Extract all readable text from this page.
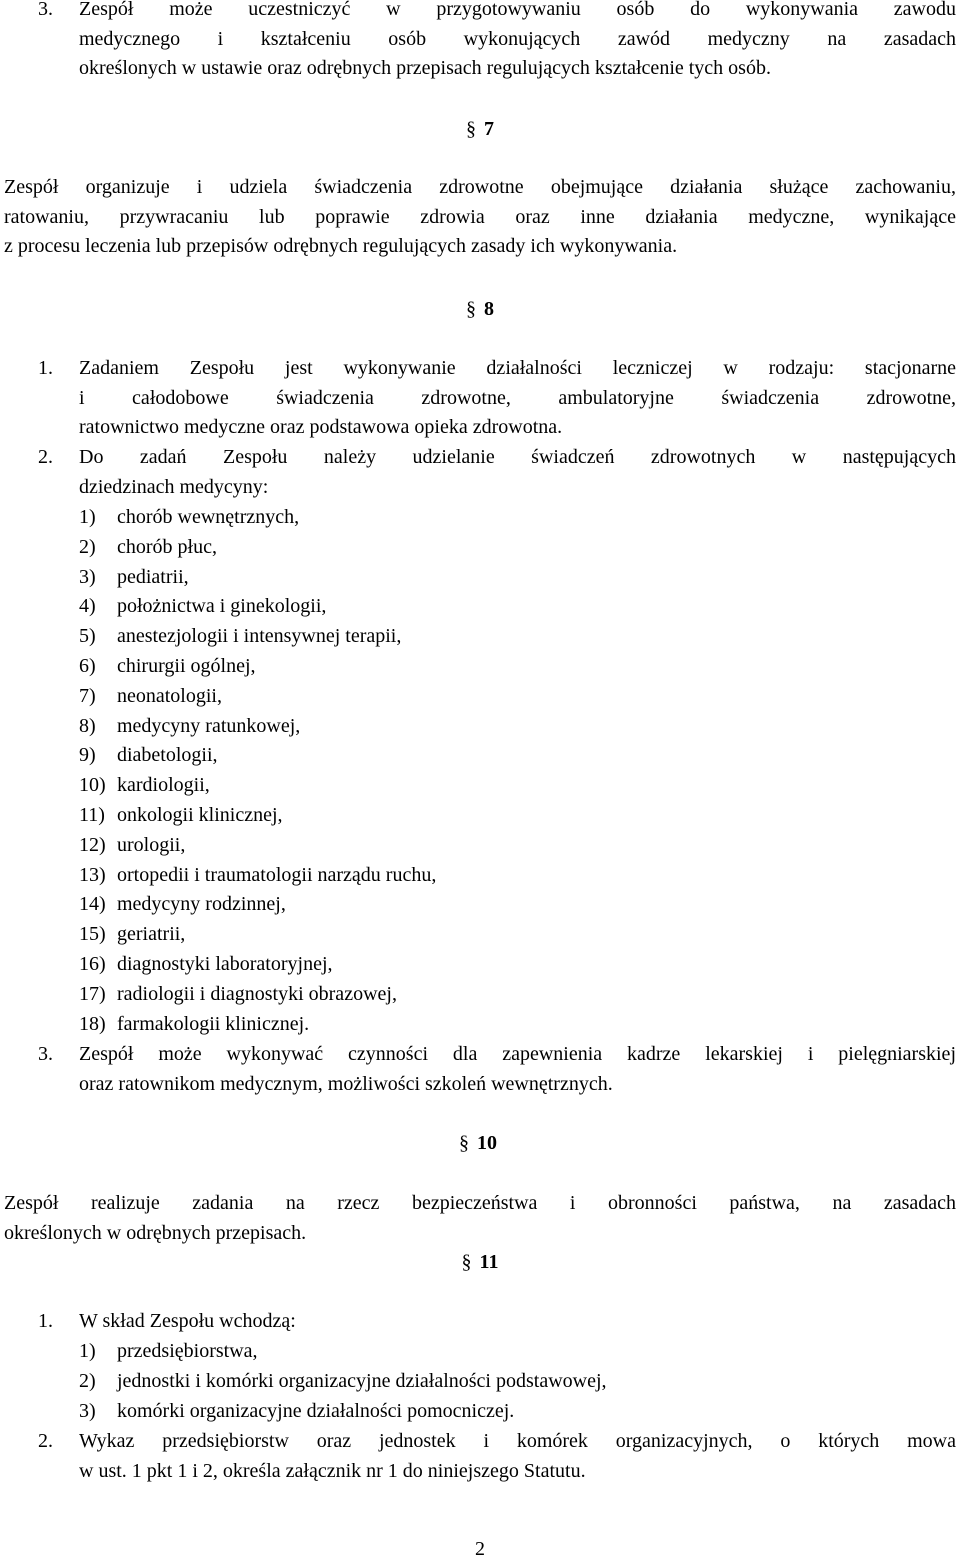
3.	Zespół może uczestniczyć w przygotowywaniu osób do wykonywania zawodu
medycznego i kształceniu osób wykonujących zawód medyczny na zasadach
określonych w ustawie oraz odrębnych przepisach regulujących kształcenie tych osób.
§ 7
Zespół organizuje i udziela świadczenia zdrowotne obejmujące działania służące zachowaniu,
ratowaniu, przywracaniu lub poprawie zdrowia oraz inne działania medyczne, wynikające
z procesu leczenia lub przepisów odrębnych regulujących zasady ich wykonywania.
§ 8
1.	Zadaniem Zespołu jest wykonywanie działalności leczniczej w rodzaju: stacjonarne
i całodobowe świadczenia zdrowotne, ambulatoryjne świadczenia zdrowotne,
ratownictwo medyczne oraz podstawowa opieka zdrowotna.
2.	Do zadań Zespołu należy udzielanie świadczeń zdrowotnych w następujących
dziedzinach medycyny:
1) chorób wewnętrznych,
2) chorób płuc,
3) pediatrii,
4) położnictwa i ginekologii,
5) anestezjologii i intensywnej terapii,
6) chirurgii ogólnej,
7) neonatologii,
8) medycyny ratunkowej,
9) diabetologii,
10) kardiologii,
11) onkologii klinicznej,
12) urologii,
13) ortopedii i traumatologii narządu ruchu,
14) medycyny rodzinnej,
15) geriatrii,
16) diagnostyki laboratoryjnej,
17) radiologii i diagnostyki obrazowej,
18) farmakologii klinicznej.
3.	Zespół może wykonywać czynności dla zapewnienia kadrze lekarskiej i pielęgniarskiej
oraz ratownikom medycznym, możliwości szkoleń wewnętrznych.
§ 10
Zespół realizuje zadania na rzecz bezpieczeństwa i obronności państwa, na zasadach
określonych w odrębnych przepisach.
§ 11
1.	W skład Zespołu wchodzą:
1) przedsiębiorstwa,
2) jednostki i komórki organizacyjne działalności podstawowej,
3) komórki organizacyjne działalności pomocniczej.
2.	Wykaz przedsiębiorstw oraz jednostek i komórek organizacyjnych, o których mowa
w ust. 1 pkt 1 i 2, określa załącznik nr 1 do niniejszego Statutu.
2
